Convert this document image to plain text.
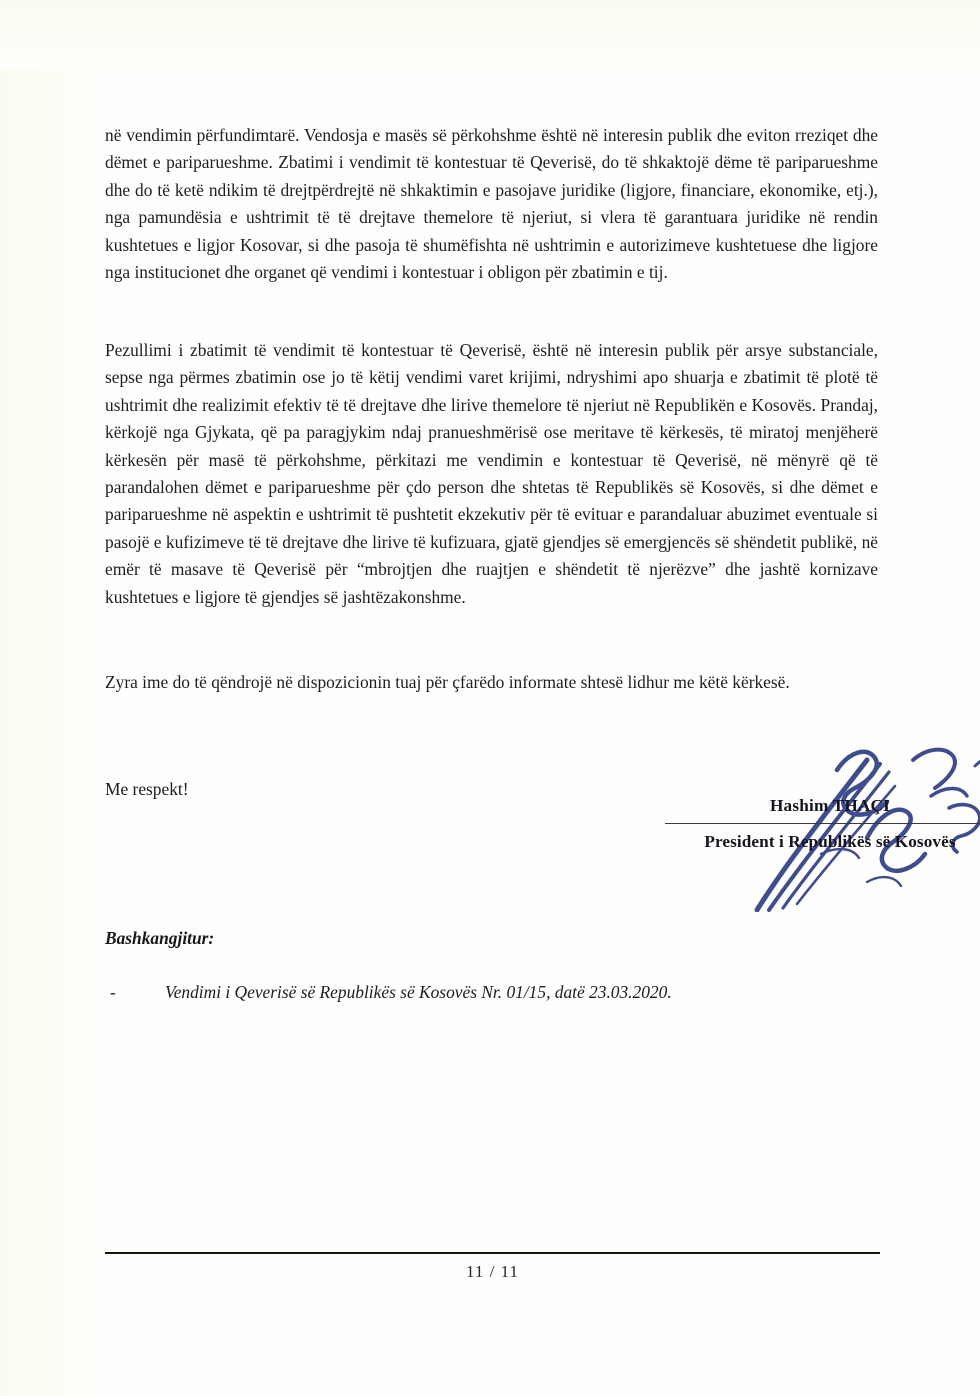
në vendimin përfundimtarë. Vendosja e masës së përkohshme është në interesin publik dhe eviton rreziqet dhe dëmet e pariparueshme. Zbatimi i vendimit të kontestuar të Qeverisë, do të shkaktojë dëme të pariparueshme dhe do të ketë ndikim të drejtpërdrejtë në shkaktimin e pasojave juridike (ligjore, financiare, ekonomike, etj.), nga pamundësia e ushtrimit të të drejtave themelore të njeriut, si vlera të garantuara juridike në rendin kushtetues e ligjor Kosovar, si dhe pasoja të shumëfishta në ushtrimin e autorizimeve kushtetuese dhe ligjore nga institucionet dhe organet që vendimi i kontestuar i obligon për zbatimin e tij.

Pezullimi i zbatimit të vendimit të kontestuar të Qeverisë, është në interesin publik për arsye substanciale, sepse nga përmes zbatimin ose jo të këtij vendimi varet krijimi, ndryshimi apo shuarja e zbatimit të plotë të ushtrimit dhe realizimit efektiv të të drejtave dhe lirive themelore të njeriut në Republikën e Kosovës. Prandaj, kërkojë nga Gjykata, që pa paragjykim ndaj pranueshmërisë ose meritave të kërkesës, të miratoj menjëherë kërkesën për masë të përkohshme, përkitazi me vendimin e kontestuar të Qeverisë, në mënyrë që të parandalohen dëmet e pariparueshme për çdo person dhe shtetas të Republikës së Kosovës, si dhe dëmet e pariparueshme në aspektin e ushtrimit të pushtetit ekzekutiv për të evituar e parandaluar abuzimet eventuale si pasojë e kufizimeve të të drejtave dhe lirive të kufizuara, gjatë gjendjes së emergjencës së shëndetit publikë, në emër të masave të Qeverisë për “mbrojtjen dhe ruajtjen e shëndetit të njerëzve” dhe jashtë kornizave kushtetues e ligjore të gjendjes së jashtëzakonshme.

Zyra ime do të qëndrojë në dispozicionin tuaj për çfarëdo informate shtesë lidhur me këtë kërkesë.

Me respekt!
Hashim THAÇI
President i Republikës së Kosovës
Bashkangjitur:
-	Vendimi i Qeverisë së Republikës së Kosovës Nr. 01/15, datë 23.03.2020.
11 / 11
